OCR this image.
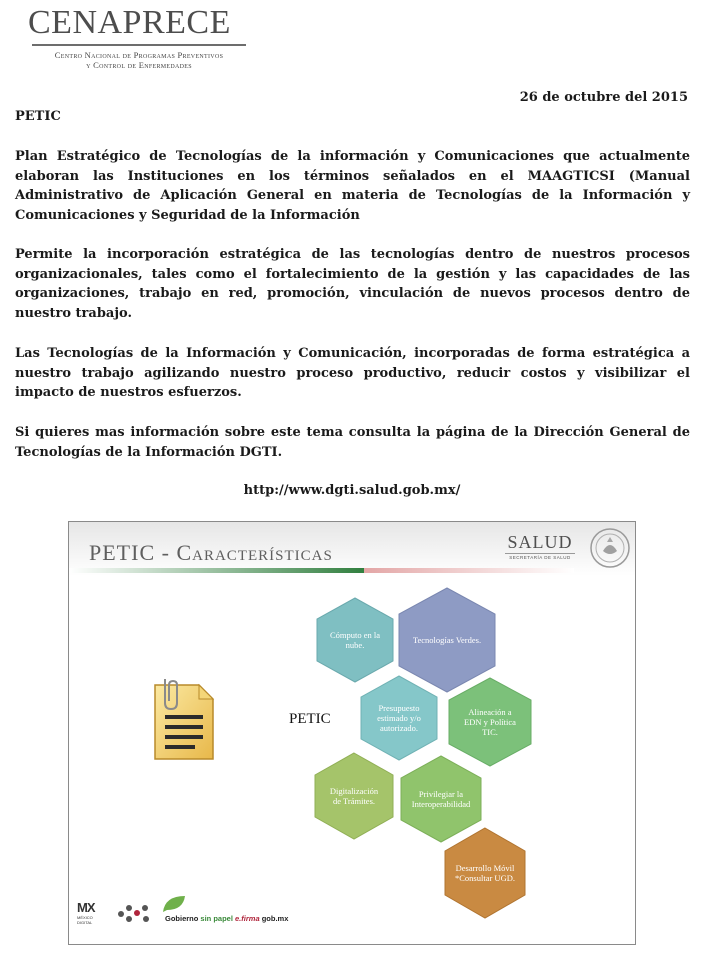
CENAPRECE
Centro Nacional de Programas Preventivos
y Control de Enfermedades
26 de octubre del 2015
PETIC

Plan Estratégico de Tecnologías de la información y Comunicaciones que actualmente elaboran las Instituciones en los términos señalados en el MAAGTICSI (Manual Administrativo de Aplicación General en materia de Tecnologías de la Información y Comunicaciones y Seguridad de la Información

Permite la incorporación estratégica de las tecnologías dentro de nuestros procesos organizacionales, tales como el fortalecimiento de la gestión y las capacidades de las organizaciones, trabajo en red, promoción, vinculación de nuevos procesos dentro de nuestro trabajo.

Las Tecnologías de la Información y Comunicación, incorporadas de forma estratégica a nuestro trabajo agilizando nuestro proceso productivo, reducir costos y visibilizar el impacto de nuestros esfuerzos.

Si quieres mas información sobre este tema consulta la página de la Dirección General de Tecnologías de la Información DGTI.

http://www.dgti.salud.gob.mx/
PETIC - Características	SALUD
SECRETARÍA DE SALUD
PETIC
Cómputo en la nube.	Tecnologías Verdes.
Presupuesto estimado y/o autorizado.
Alineación a EDN y Política TIC.
Digitalización de Trámites.
Privilegiar la Interoperabilidad
Desarrollo Móvil *Consultar UGD.
MX
MÉXICO
DIGITAL	Gobierno sin papel e.firma gob.mx
